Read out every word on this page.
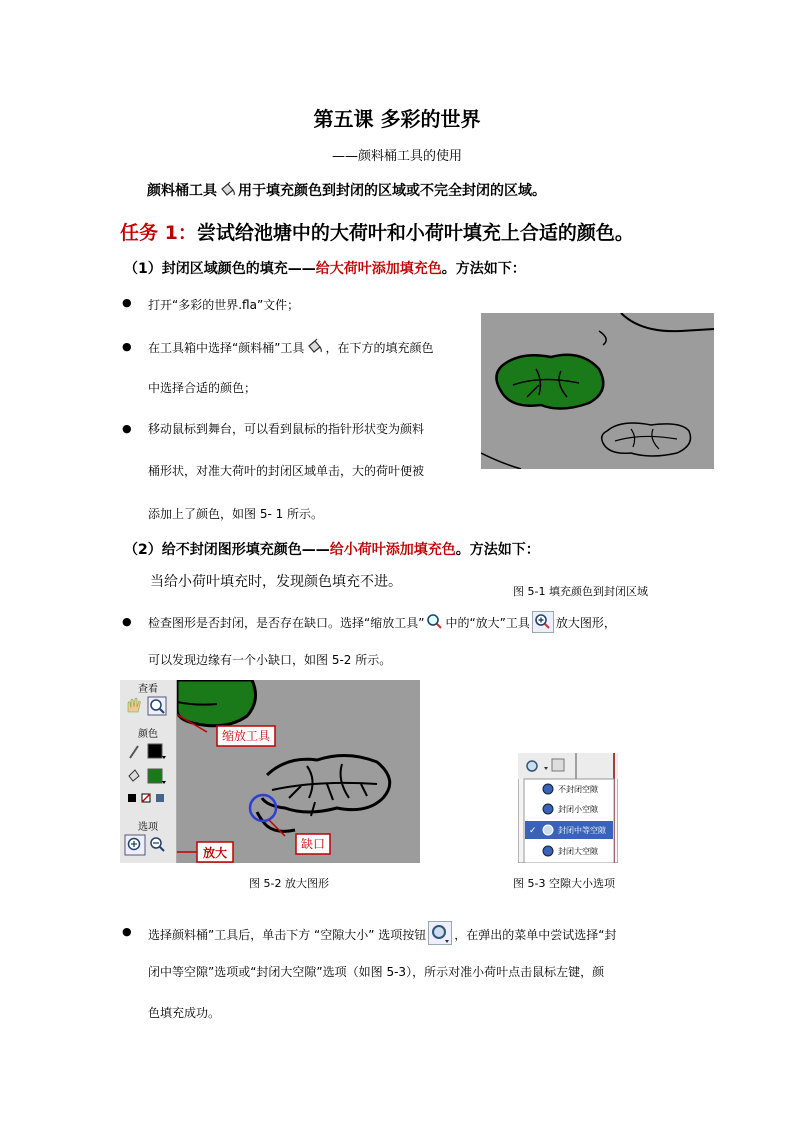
第五课 多彩的世界
——颜料桶工具的使用
颜料桶工具 用于填充颜色到封闭的区域或不完全封闭的区域。
任务 1：尝试给池塘中的大荷叶和小荷叶填充上合适的颜色。
（1）封闭区域颜色的填充——给大荷叶添加填充色。方法如下：
● 打开“多彩的世界.fla”文件；
● 在工具箱中选择“颜料桶”工具 ，在下方的填充颜色
中选择合适的颜色；
● 移动鼠标到舞台，可以看到鼠标的指针形状变为颜料
桶形状，对准大荷叶的封闭区域单击，大的荷叶便被
添加上了颜色，如图 5- 1 所示。
（2）给不封闭图形填充颜色——给小荷叶添加填充色。方法如下：
当给小荷叶填充时，发现颜色填充不进。
图 5-1 填充颜色到封闭区域
● 检查图形是否封闭，是否存在缺口。选择“缩放工具” 中的“放大”工具 放大图形，
可以发现边缘有一个小缺口，如图 5-2 所示。
查看
颜色
选项
缺口
缩放工具
放大
不封闭空隙
封闭小空隙
✓	封闭中等空隙
封闭大空隙
图 5-2 放大图形	图 5-3 空隙大小选项
● 选择颜料桶”工具后，单击下方 “空隙大小” 选项按钮 ，在弹出的菜单中尝试选择“封
闭中等空隙”选项或“封闭大空隙”选项（如图 5-3），所示对准小荷叶点击鼠标左键，颜
色填充成功。
